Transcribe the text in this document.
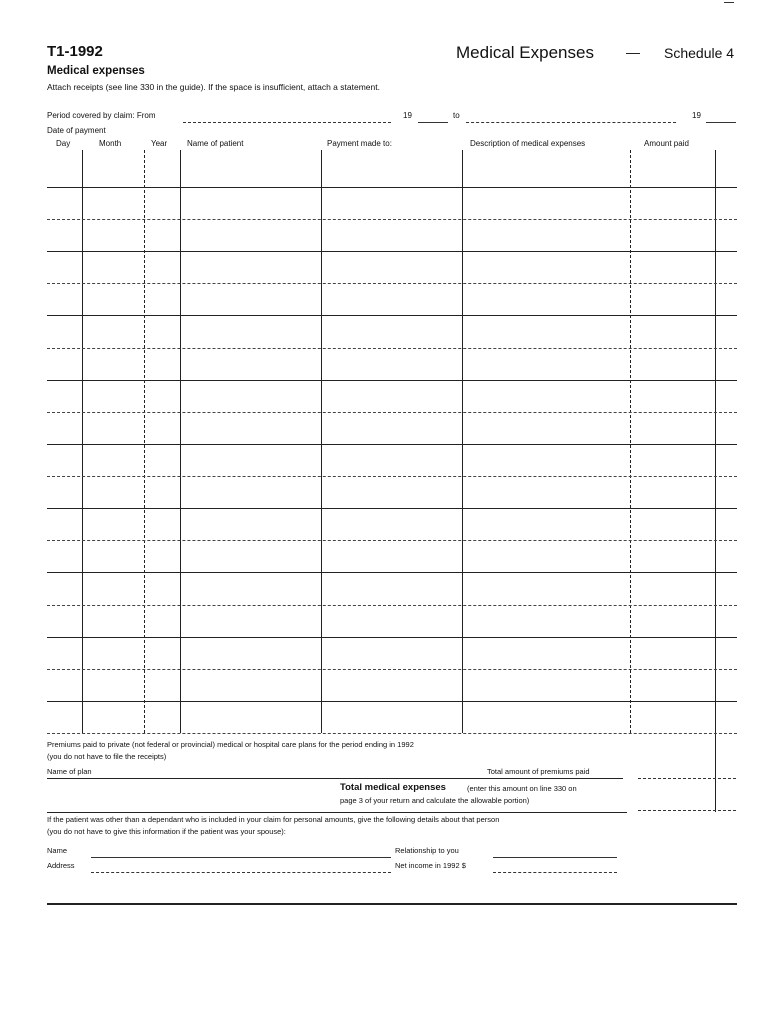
T1-1992	Medical Expenses — Schedule 4
Medical expenses
Attach receipts (see line 330 in the guide). If the space is insufficient, attach a statement.
Period covered by claim: From	19	to	19
Date of payment
Day	Month	Year Name of patient	Payment made to:	Description of medical expenses	Amount paid
Premiums paid to private (not federal or provincial) medical or hospital care plans for the period ending in 1992
(you do not have to file the receipts)
Name of plan	Total amount of premiums paid
Total medical expenses	(enter this amount on line 330 on
page 3 of your return and calculate the allowable portion)
If the patient was other than a dependant who is included in your claim for personal amounts, give the following details about that person
(you do not have to give this information if the patient was your spouse):
Name	Relationship to you
Address	Net income in 1992 $
